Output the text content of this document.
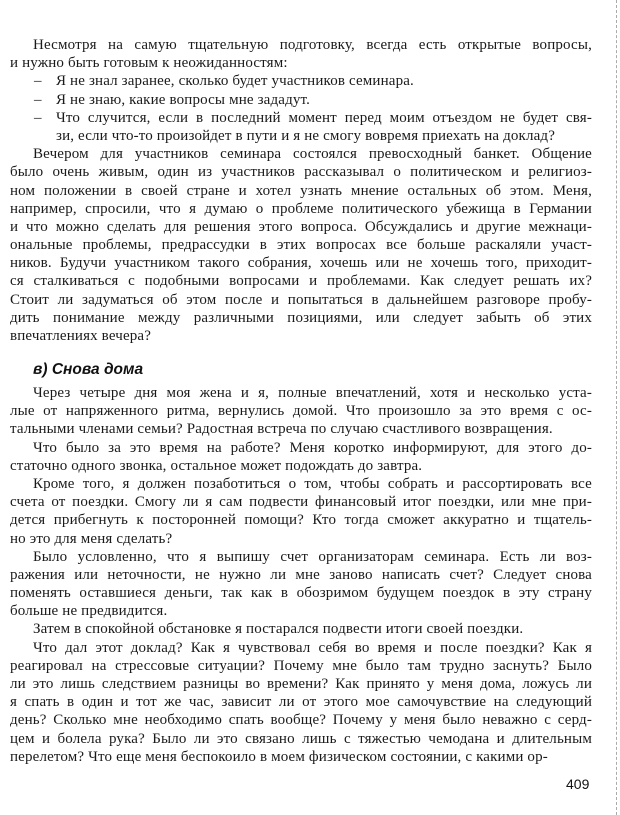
Несмотря на самую тщательную подготовку, всегда есть открытые вопросы,
и нужно быть готовым к неожиданностям:
– Я не знал заранее, сколько будет участников семинара.
– Я не знаю, какие вопросы мне зададут.
– Что случится, если в последний момент перед моим отъездом не будет свя-
зи, если что-то произойдет в пути и я не смогу вовремя приехать на доклад?
Вечером для участников семинара состоялся превосходный банкет. Общение
было очень живым, один из участников рассказывал о политическом и религиоз-
ном положении в своей стране и хотел узнать мнение остальных об этом. Меня,
например, спросили, что я думаю о проблеме политического убежища в Германии
и что можно сделать для решения этого вопроса. Обсуждались и другие межнаци-
ональные проблемы, предрассудки в этих вопросах все больше раскаляли участ-
ников. Будучи участником такого собрания, хочешь или не хочешь того, приходит-
ся сталкиваться с подобными вопросами и проблемами. Как следует решать их?
Стоит ли задуматься об этом после и попытаться в дальнейшем разговоре пробу-
дить понимание между различными позициями, или следует забыть об этих
впечатлениях вечера?
в) Снова дома
Через четыре дня моя жена и я, полные впечатлений, хотя и несколько уста-
лые от напряженного ритма, вернулись домой. Что произошло за это время с ос-
тальными членами семьи? Радостная встреча по случаю счастливого возвращения.
Что было за это время на работе? Меня коротко информируют, для этого до-
статочно одного звонка, остальное может подождать до завтра.
Кроме того, я должен позаботиться о том, чтобы собрать и рассортировать все
счета от поездки. Смогу ли я сам подвести финансовый итог поездки, или мне при-
дется прибегнуть к посторонней помощи? Кто тогда сможет аккуратно и тщатель-
но это для меня сделать?
Было условленно, что я выпишу счет организаторам семинара. Есть ли воз-
ражения или неточности, не нужно ли мне заново написать счет? Следует снова
поменять оставшиеся деньги, так как в обозримом будущем поездок в эту страну
больше не предвидится.
Затем в спокойной обстановке я постарался подвести итоги своей поездки.
Что дал этот доклад? Как я чувствовал себя во время и после поездки? Как я
реагировал на стрессовые ситуации? Почему мне было там трудно заснуть? Было
ли это лишь следствием разницы во времени? Как принято у меня дома, ложусь ли
я спать в один и тот же час, зависит ли от этого мое самочувствие на следующий
день? Сколько мне необходимо спать вообще? Почему у меня было неважно с серд-
цем и болела рука? Было ли это связано лишь с тяжестью чемодана и длительным
перелетом? Что еще меня беспокоило в моем физическом состоянии, с какими ор-
409
